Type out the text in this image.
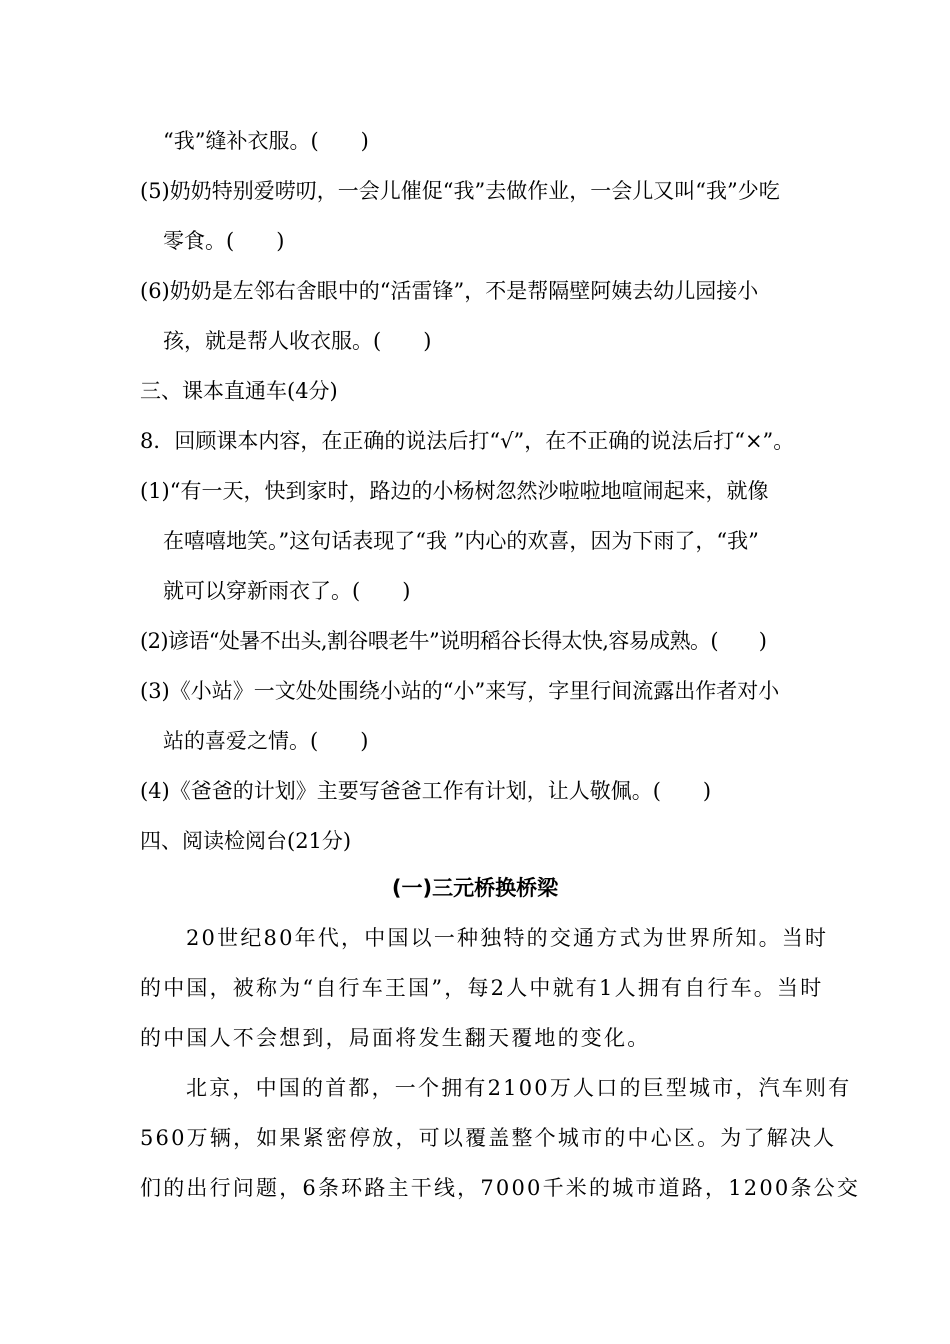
“我”缝补衣服。(　　)
(5)奶奶特别爱唠叨，一会儿催促“我”去做作业，一会儿又叫“我”少吃
零食。(　　)
(6)奶奶是左邻右舍眼中的“活雷锋”，不是帮隔壁阿姨去幼儿园接小
孩，就是帮人收衣服。(　　)
三、课本直通车(4分)
8．回顾课本内容，在正确的说法后打“√”，在不正确的说法后打“×”。
(1)“有一天，快到家时，路边的小杨树忽然沙啦啦地喧闹起来，就像
在嘻嘻地笑。”这句话表现了“我 ”内心的欢喜，因为下雨了，“我”
就可以穿新雨衣了。(　　)
(2)谚语“处暑不出头,割谷喂老牛”说明稻谷长得太快,容易成熟。(　　)
(3)《小站》一文处处围绕小站的“小”来写，字里行间流露出作者对小
站的喜爱之情。(　　)
(4)《爸爸的计划》主要写爸爸工作有计划，让人敬佩。(　　)
四、阅读检阅台(21分)
(一)三元桥换桥梁
20世纪80年代，中国以一种独特的交通方式为世界所知。当时
的中国，被称为“自行车王国”，每2人中就有1人拥有自行车。当时
的中国人不会想到，局面将发生翻天覆地的变化。
北京，中国的首都，一个拥有2100万人口的巨型城市，汽车则有
560万辆，如果紧密停放，可以覆盖整个城市的中心区。为了解决人
们的出行问题，6条环路主干线，7000千米的城市道路，1200条公交
